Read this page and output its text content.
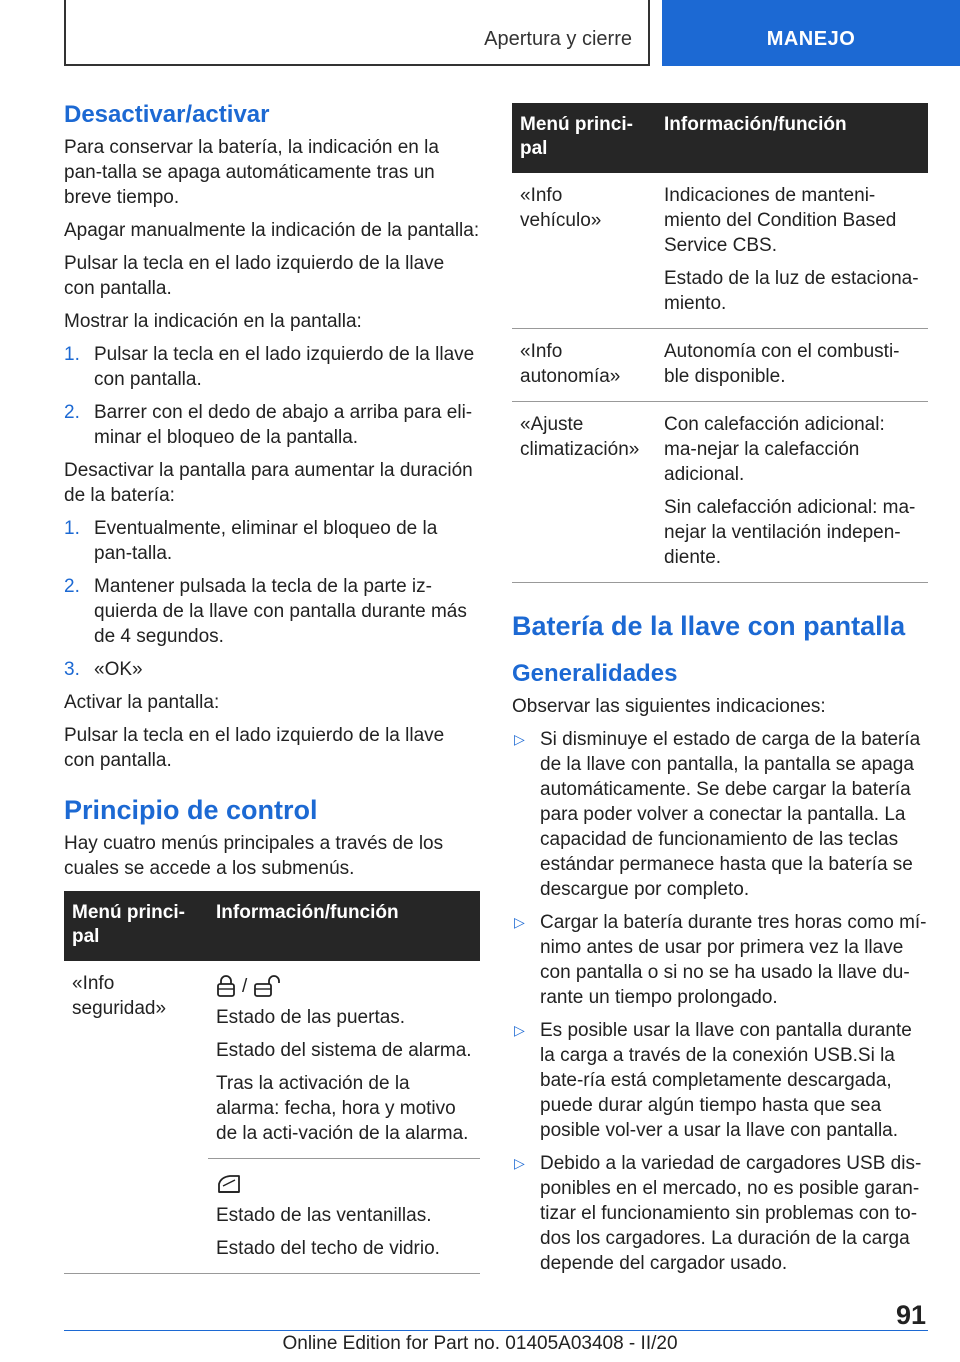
Apertura y cierre	MANEJO
Desactivar/activar

Para conservar la batería, la indicación en la pan-talla se apaga automáticamente tras un breve tiempo.

Apagar manualmente la indicación de la pantalla:

Pulsar la tecla en el lado izquierdo de la llave con pantalla.

Mostrar la indicación en la pantalla:

1. Pulsar la tecla en el lado izquierdo de la llave con pantalla.
2. Barrer con el dedo de abajo a arriba para eli-minar el bloqueo de la pantalla.

Desactivar la pantalla para aumentar la duración de la batería:

1. Eventualmente, eliminar el bloqueo de la pan-talla.
2. Mantener pulsada la tecla de la parte iz-quierda de la llave con pantalla durante más de 4 segundos.
3. «OK»

Activar la pantalla:

Pulsar la tecla en el lado izquierdo de la llave con pantalla.

Principio de control

Hay cuatro menús principales a través de los cuales se accede a los submenús.

Menú princi-pal	Información/función
«Info seguridad»	/

Estado de las puertas.

Estado del sistema de alarma.

Tras la activación de la alarma: fecha, hora y motivo de la acti-vación de la alarma.

	Estado de las ventanillas.

Estado del techo de vidrio.

Menú princi-pal	Información/función
«Info vehículo»	Indicaciones de manteni-miento del Condition Based Service CBS.

Estado de la luz de estaciona-miento.

«Info autonomía»	Autonomía con el combusti-ble disponible.

«Ajuste climatización»	Con calefacción adicional: ma-nejar la calefacción adicional.

Sin calefacción adicional: ma-nejar la ventilación indepen-diente.

Batería de la llave con pantalla
Generalidades

Observar las siguientes indicaciones:

▷ Si disminuye el estado de carga de la batería de la llave con pantalla, la pantalla se apaga automáticamente. Se debe cargar la batería para poder volver a conectar la pantalla. La capacidad de funcionamiento de las teclas estándar permanece hasta que la batería se descargue por completo.
▷ Cargar la batería durante tres horas como mí-nimo antes de usar por primera vez la llave con pantalla o si no se ha usado la llave du-rante un tiempo prolongado.
▷ Es posible usar la llave con pantalla durante la carga a través de la conexión USB.Si la bate-ría está completamente descargada, puede durar algún tiempo hasta que sea posible vol-ver a usar la llave con pantalla.
▷ Debido a la variedad de cargadores USB dis-ponibles en el mercado, no es posible garan-tizar el funcionamiento sin problemas con to-dos los cargadores. La duración de la carga depende del cargador usado.
91
Online Edition for Part no. 01405A03408 - II/20
